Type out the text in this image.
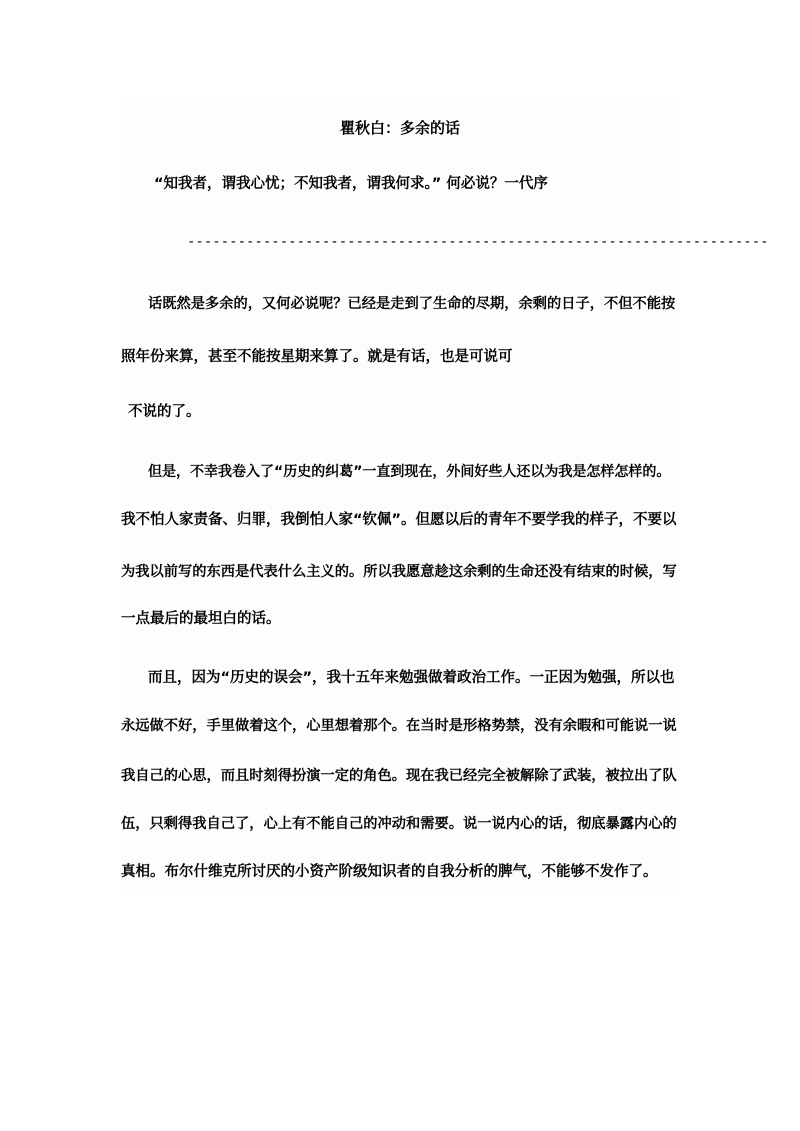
瞿秋白：多余的话
“知我者，谓我心忧；不知我者，谓我何求。” 何必说？一代序
---------------------------------------------------------------------
话既然是多余的，又何必说呢？已经是走到了生命的尽期，余剩的日子，不但不能按
照年份来算，甚至不能按星期来算了。就是有话，也是可说可
不说的了。
但是，不幸我卷入了“历史的纠葛”一直到现在，外间好些人还以为我是怎样怎样的。
我不怕人家责备、归罪，我倒怕人家“钦佩”。但愿以后的青年不要学我的样子，不要以
为我以前写的东西是代表什么主义的。所以我愿意趁这余剩的生命还没有结束的时候，写
一点最后的最坦白的话。
而且，因为“历史的误会”，我十五年来勉强做着政治工作。一正因为勉强，所以也
永远做不好，手里做着这个，心里想着那个。在当时是形格势禁，没有余暇和可能说一说
我自己的心思，而且时刻得扮演一定的角色。现在我已经完全被解除了武装，被拉出了队
伍，只剩得我自己了，心上有不能自己的冲动和需要。说一说内心的话，彻底暴露内心的
真相。布尔什维克所讨厌的小资产阶级知识者的自我分析的脾气，不能够不发作了。
